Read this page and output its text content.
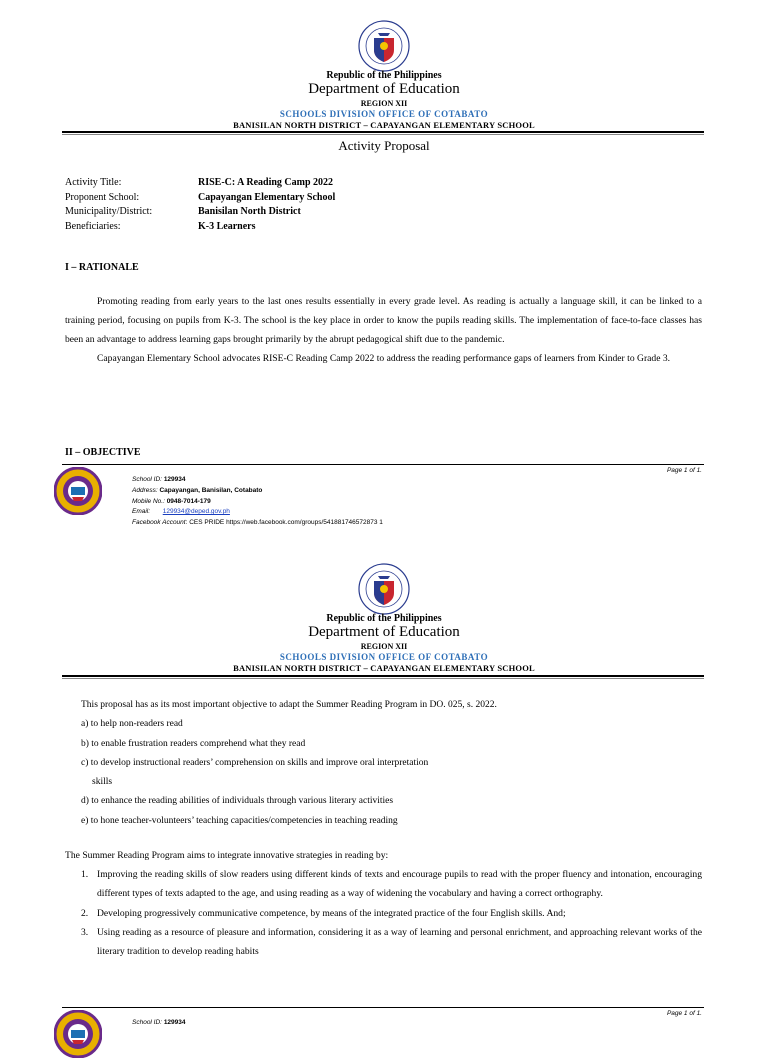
Republic of the Philippines
Department of Education
REGION XII
SCHOOLS DIVISION OFFICE OF COTABATO
BANISILAN NORTH DISTRICT – CAPAYANGAN ELEMENTARY SCHOOL
Activity Proposal
Activity Title:	RISE-C: A Reading Camp 2022
Proponent School:	Capayangan Elementary School
Municipality/District:	Banisilan North District
Beneficiaries:	K-3 Learners
I – RATIONALE

Promoting reading from early years to the last ones results essentially in every grade level. As reading is actually a language skill, it can be linked to a training period, focusing on pupils from K-3. The school is the key place in order to know the pupils reading skills. The implementation of face-to-face classes has been an advantage to address learning gaps brought primarily by the abrupt pedagogical shift due to the pandemic.

Capayangan Elementary School advocates RISE-C Reading Camp 2022 to address the reading performance gaps of learners from Kinder to Grade 3.

II – OBJECTIVE
Page 1 of 1.
School ID: 129934
Address: Capayangan, Banisilan, Cotabato
Mobile No.: 0948-7014-179
Email: 129934@deped.gov.ph
Facebook Account: CES PRIDE https://web.facebook.com/groups/541881746572873 1
Republic of the Philippines
Department of Education
REGION XII
SCHOOLS DIVISION OFFICE OF COTABATO
BANISILAN NORTH DISTRICT – CAPAYANGAN ELEMENTARY SCHOOL
This proposal has as its most important objective to adapt the Summer Reading Program in DO. 025, s. 2022.
a) to help non-readers read
b) to enable frustration readers comprehend what they read
c) to develop instructional readers’ comprehension on skills and improve oral interpretation
skills
d) to enhance the reading abilities of individuals through various literary activities
e) to hone teacher-volunteers’ teaching capacities/competencies in teaching reading
The Summer Reading Program aims to integrate innovative strategies in reading by:
1. Improving the reading skills of slow readers using different kinds of texts and encourage pupils to read with the proper fluency and intonation, encouraging different types of texts adapted to the age, and using reading as a way of widening the vocabulary and having a correct orthography.
2. Developing progressively communicative competence, by means of the integrated practice of the four English skills. And;
3. Using reading as a resource of pleasure and information, considering it as a way of learning and personal enrichment, and approaching relevant works of the literary tradition to develop reading habits
Page 1 of 1.
School ID: 129934
